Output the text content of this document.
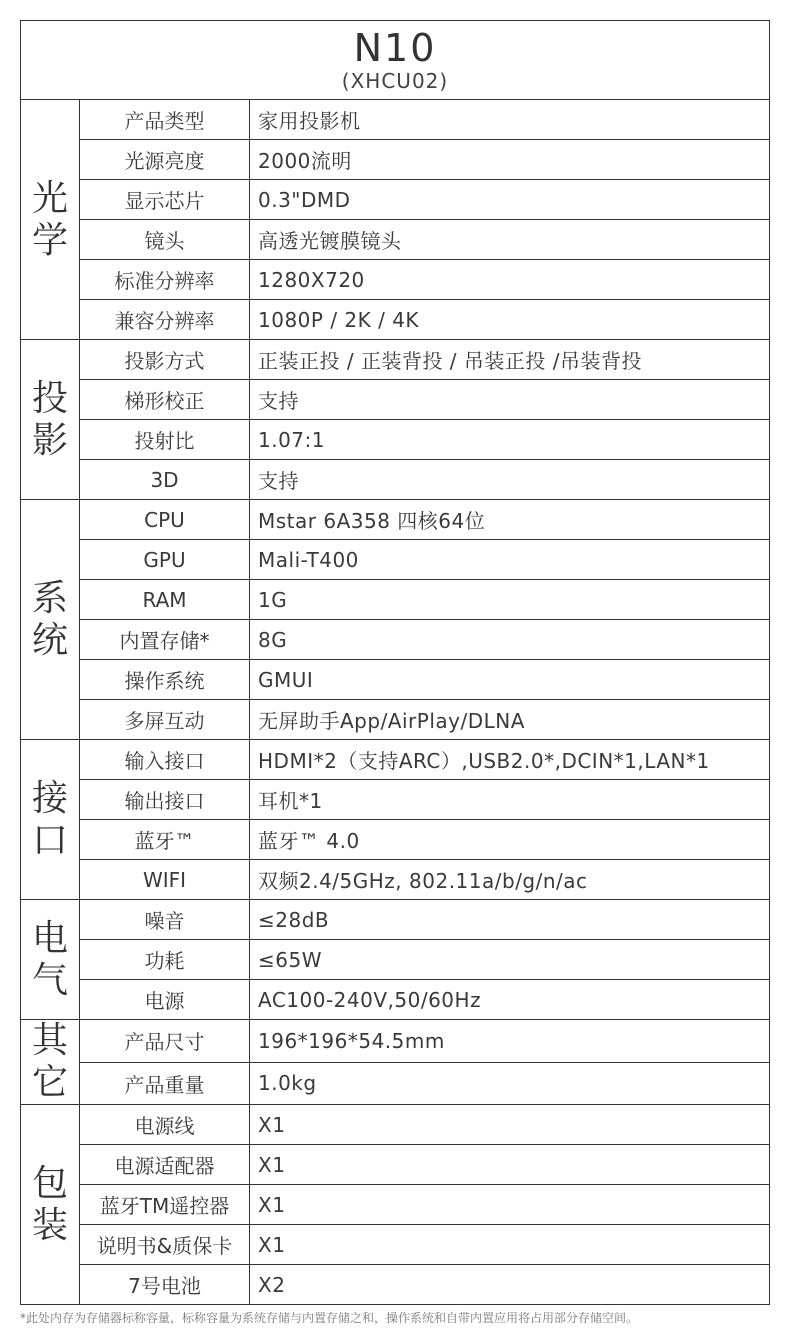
N10
(XHCU02)		

光学	产品类型	家用投影机
	光源亮度	2000流明
	显示芯片	0.3"DMD
	镜头	高透光镀膜镜头
	标准分辨率	1280X720
	兼容分辨率	1080P / 2K / 4K
投影	投影方式	正装正投 / 正装背投 / 吊装正投 /吊装背投
	梯形校正	支持
	投射比	1.07:1
	3D	支持
系统	CPU	Mstar 6A358 四核64位
	GPU	Mali-T400
	RAM	1G
	内置存储*	8G
	操作系统	GMUI
	多屏互动	无屏助手App/AirPlay/DLNA
接口	输入接口	HDMI*2（支持ARC）,USB2.0*,DCIN*1,LAN*1
	输出接口	耳机*1
	蓝牙™	蓝牙™ 4.0
	WIFI	双频2.4/5GHz, 802.11a/b/g/n/ac
电气	噪音	≤28dB
	功耗	≤65W
	电源	AC100-240V,50/60Hz
其它	产品尺寸	196*196*54.5mm
	产品重量	1.0kg
包装	电源线	X1
	电源适配器	X1
	蓝牙TM遥控器	X1
	说明书&质保卡	X1
	7号电池	X2
*此处内存为存储器标称容量，标称容量为系统存储与内置存储之和，操作系统和自带内置应用将占用部分存储空间。
